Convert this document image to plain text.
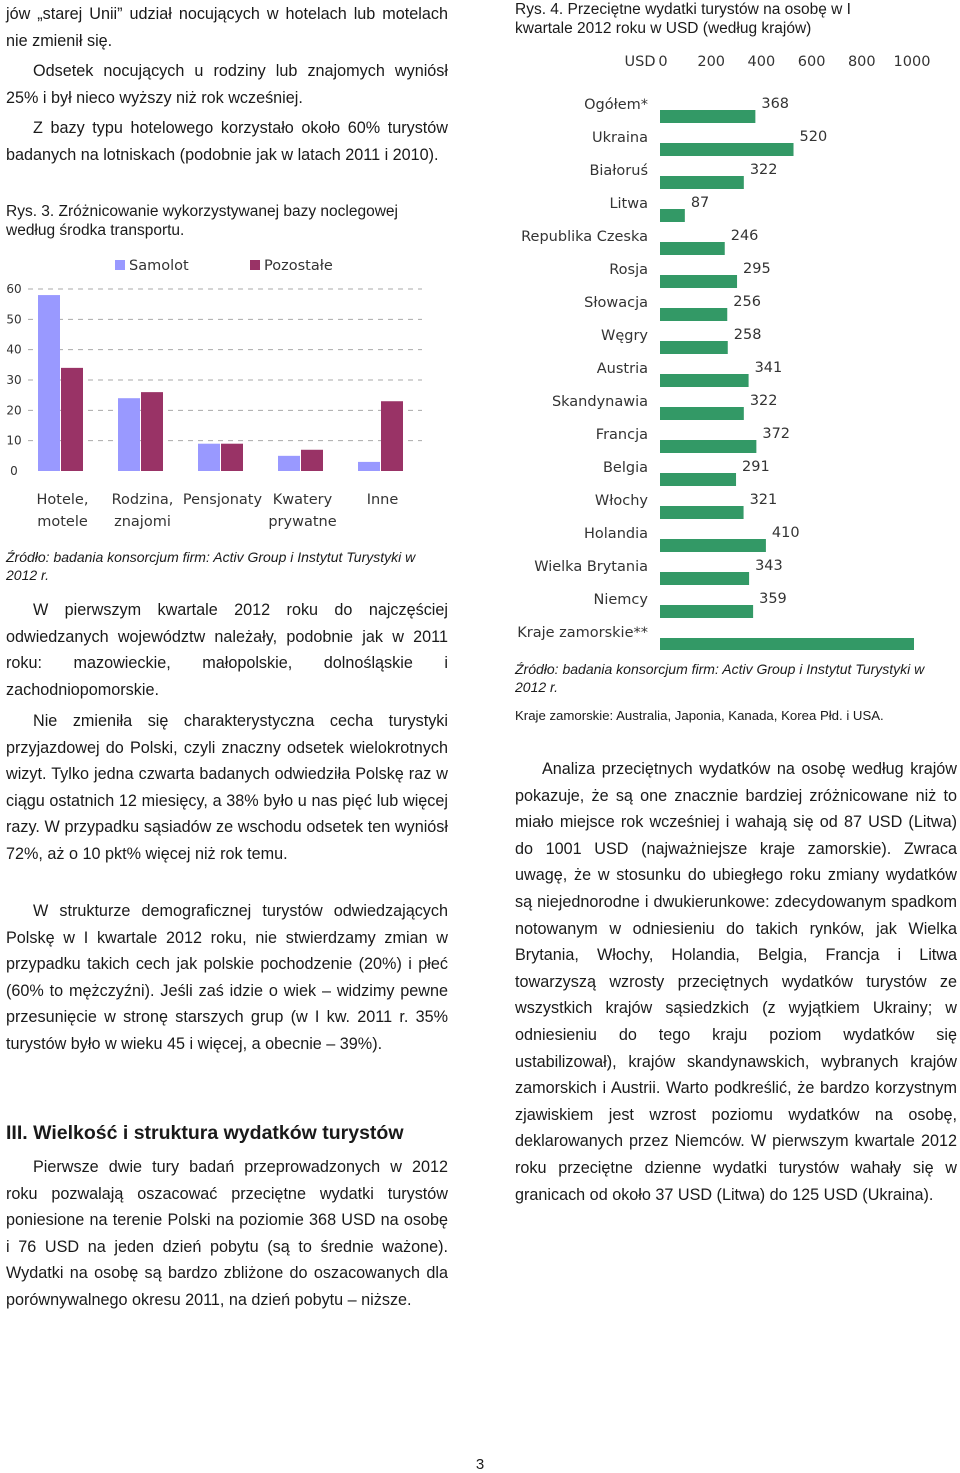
jów „starej Unii” udział nocujących w hotelach lub motelach nie zmienił się.

Odsetek nocujących u rodziny lub znajomych wyniósł 25% i był nieco wyższy niż rok wcześniej.

Z bazy typu hotelowego korzystało około 60% turystów badanych na lotniskach (podobnie jak w latach 2011 i 2010).

Rys. 3. Zróżnicowanie wykorzystywanej bazy noclegowej według środka transportu.

0
10
20
30
40
50
60
Hotele,
motele
Rodzina,
znajomi
Pensjonaty Kwatery
prywatne
Inne
Samolot	Pozostałe

Źródło: badania konsorcjum firm: Activ Group i Instytut Turystyki w 2012 r.

W pierwszym kwartale 2012 roku do najczęściej odwiedzanych województw należały, podobnie jak w 2011 roku: mazowieckie, małopolskie, dolnośląskie i zachodniopomorskie.

Nie zmieniła się charakterystyczna cecha turystyki przyjazdowej do Polski, czyli znaczny odsetek wielokrotnych wizyt. Tylko jedna czwarta badanych odwiedziła Polskę raz w ciągu ostatnich 12 miesięcy, a 38% było u nas pięć lub więcej razy. W przypadku sąsiadów ze wschodu odsetek ten wyniósł 72%, aż o 10 pkt% więcej niż rok temu.

W strukturze demograficznej turystów odwiedzających Polskę w I kwartale 2012 roku, nie stwierdzamy zmian w przypadku takich cech jak polskie pochodzenie (20%) i płeć (60% to mężczyźni). Jeśli zaś idzie o wiek – widzimy pewne przesunięcie w stronę starszych grup (w I kw. 2011 r. 35% turystów było w wieku 45 i więcej, a obecnie – 39%).

III. Wielkość i struktura wydatków turystów

Pierwsze dwie tury badań przeprowadzonych w 2012 roku pozwalają oszacować przeciętne wydatki turystów poniesione na terenie Polski na poziomie 368 USD na osobę i 76 USD na jeden dzień pobytu (są to średnie ważone). Wydatki na osobę są bardzo zbliżone do oszacowanych dla porównywalnego okresu 2011, na dzień pobytu – niższe.

Rys. 4. Przeciętne wydatki turystów na osobę w I kwartale 2012 roku w USD (według krajów)

USD 0 200 400 600 800 1000
Ogółem*
Ukraina
Białoruś
Litwa
Republika Czeska
Rosja
Słowacja
Węgry
Austria
Skandynawia
Francja
Belgia
Włochy
Holandia
Wielka Brytania
Niemcy
Kraje zamorskie**
368
520
322
87
246
295
256
258
341
322
372
291
321
410
343
359

Źródło: badania konsorcjum firm: Activ Group i Instytut Turystyki w 2012 r.

Kraje zamorskie: Australia, Japonia, Kanada, Korea Płd. i USA.

Analiza przeciętnych wydatków na osobę według krajów pokazuje, że są one znacznie bardziej zróżnicowane niż to miało miejsce rok wcześniej i wahają się od 87 USD (Litwa) do 1001 USD (najważniejsze kraje zamorskie). Zwraca uwagę, że w stosunku do ubiegłego roku zmiany wydatków są niejednorodne i dwukierunkowe: zdecydowanym spadkom notowanym w odniesieniu do takich rynków, jak Wielka Brytania, Włochy, Holandia, Belgia, Francja i Litwa towarzyszą wzrosty przeciętnych wydatków turystów ze wszystkich krajów sąsiedzkich (z wyjątkiem Ukrainy; w odniesieniu do tego kraju poziom wydatków się ustabilizował), krajów skandynawskich, wybranych krajów zamorskich i Austrii. Warto podkreślić, że bardzo korzystnym zjawiskiem jest wzrost poziomu wydatków na osobę, deklarowanych przez Niemców. W pierwszym kwartale 2012 roku przeciętne dzienne wydatki turystów wahały się w granicach od około 37 USD (Litwa) do 125 USD (Ukraina).

3
